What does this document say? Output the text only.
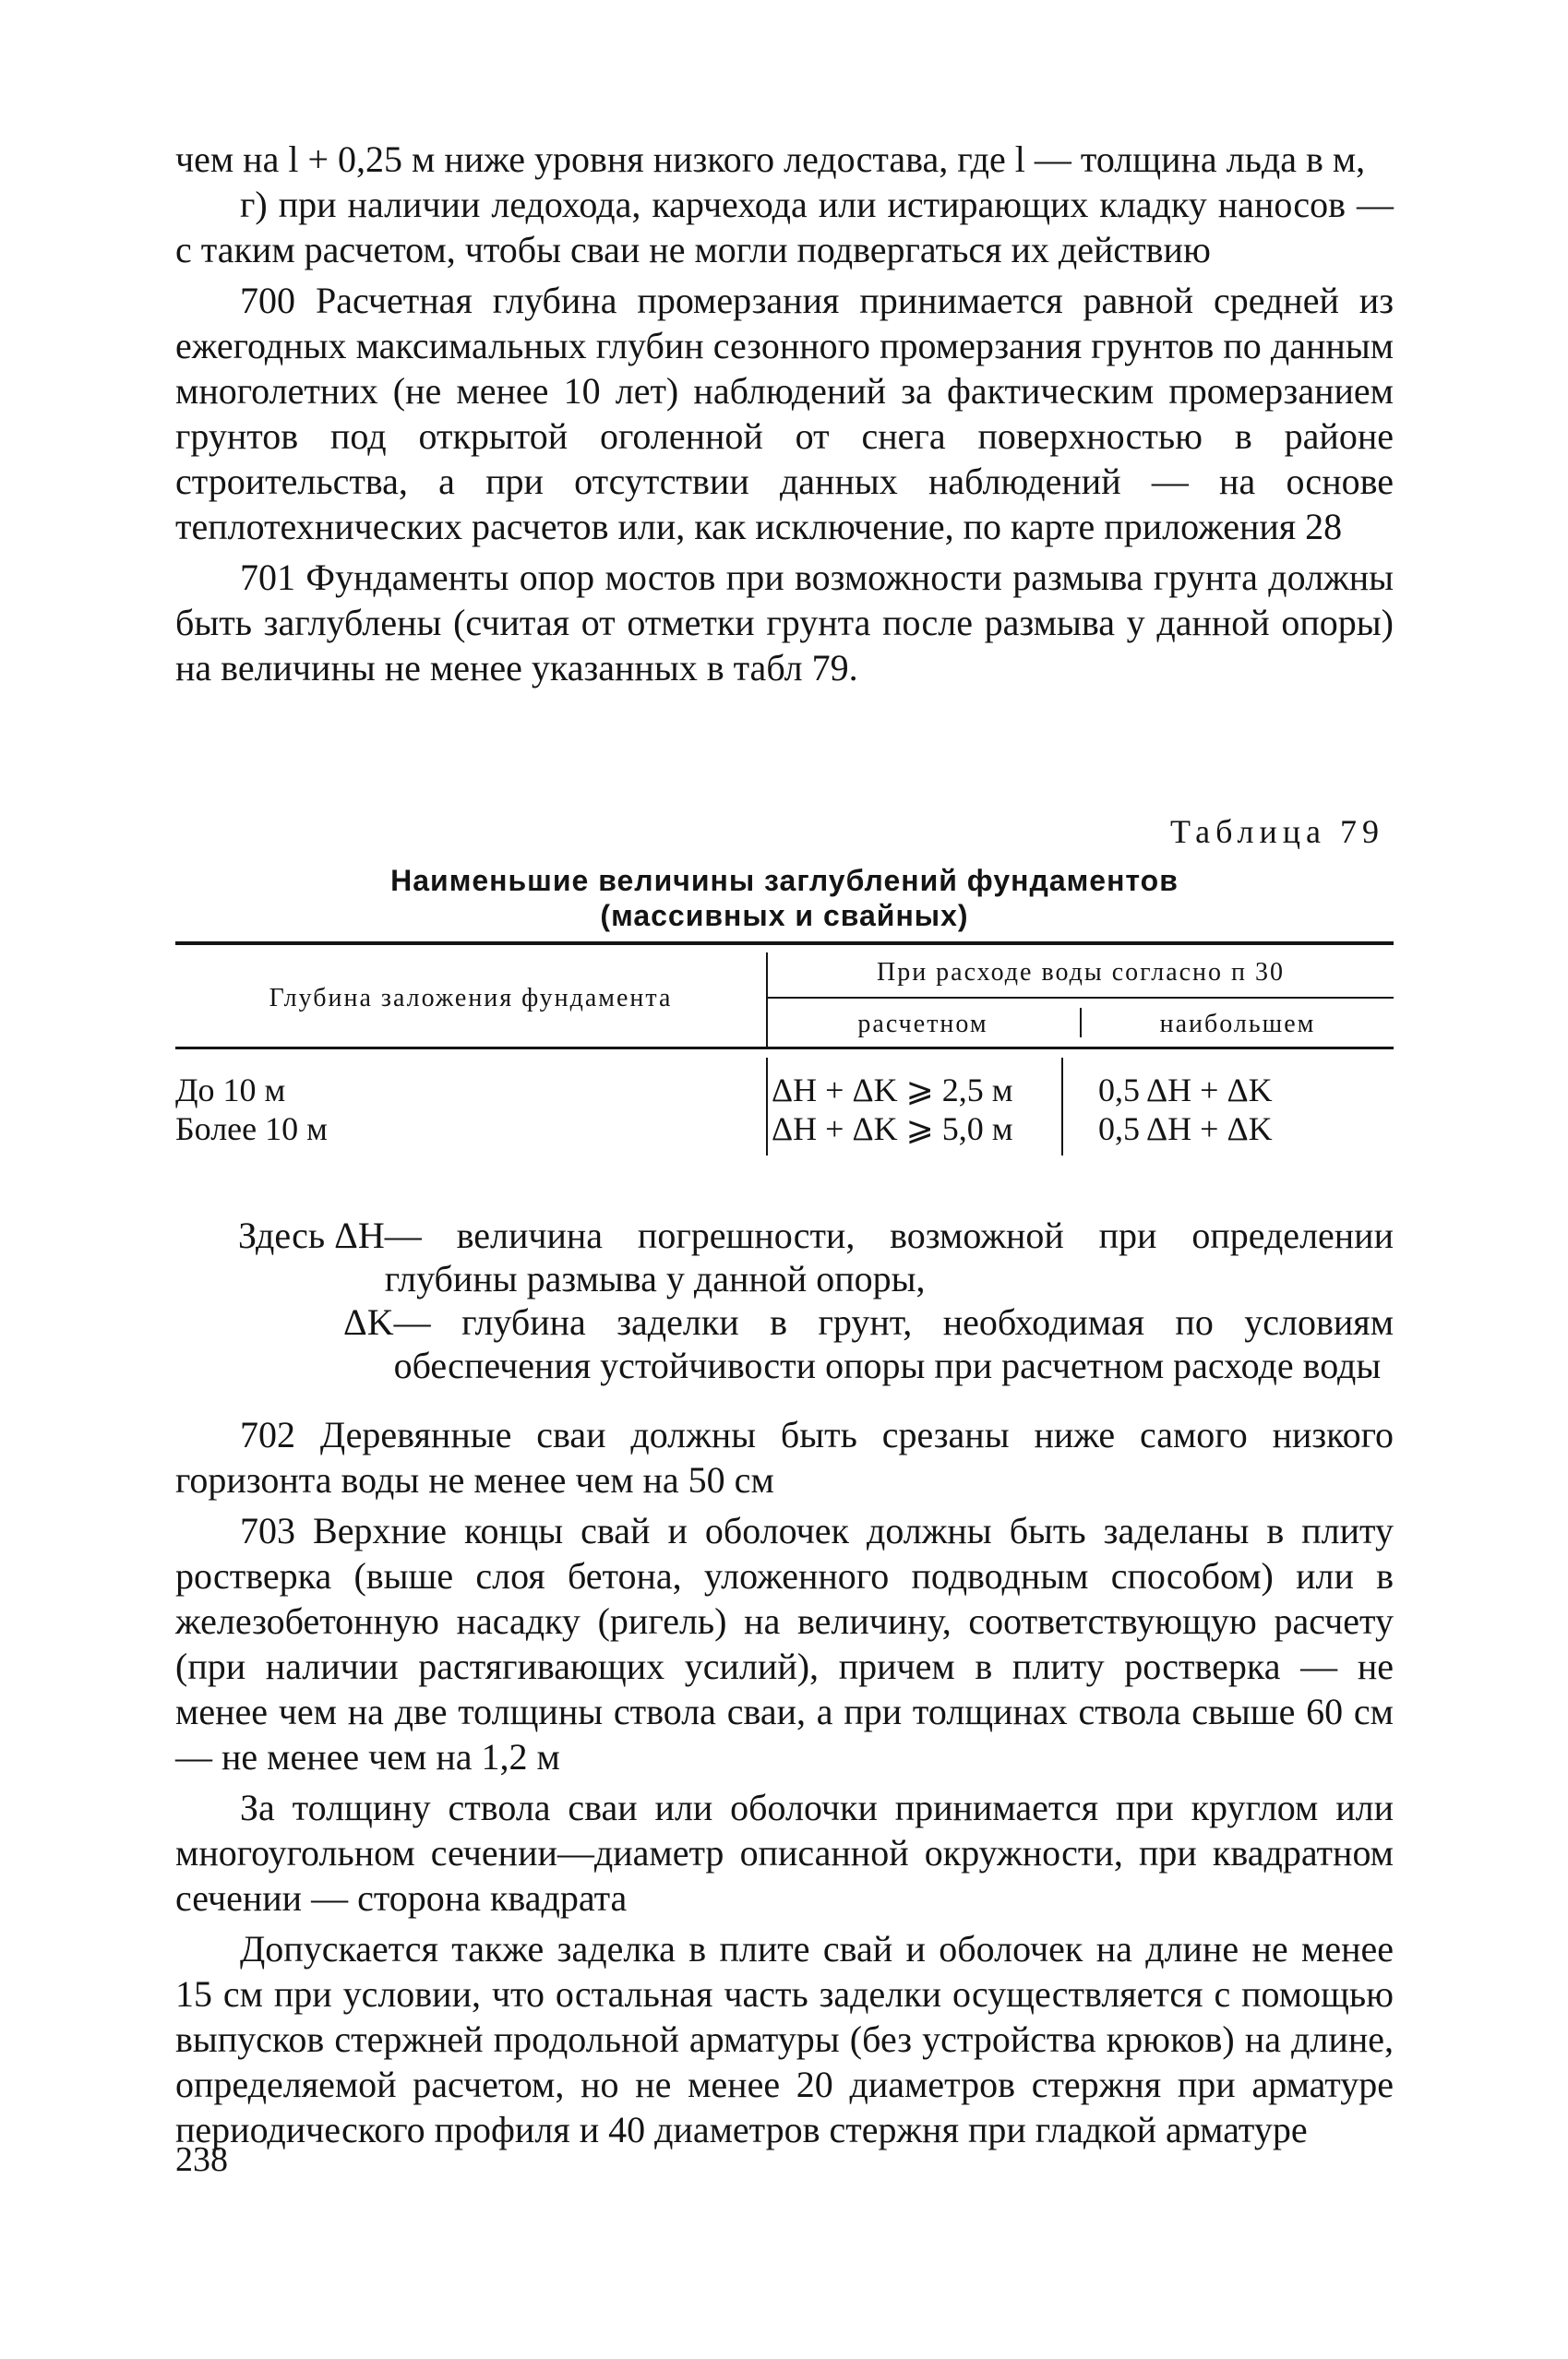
чем на l + 0,25 м ниже уровня низкого ледостава, где l — толщина льда в м,

г) при наличии ледохода, карчехода или истирающих кладку наносов — с таким расчетом, чтобы сваи не могли подвергаться их действию

700 Расчетная глубина промерзания принимается равной средней из ежегодных максимальных глубин сезонного промерзания грунтов по данным многолетних (не менее 10 лет) наблюдений за фактическим промерзанием грунтов под открытой оголенной от снега поверхностью в районе строительства, а при отсутствии данных наблюдений — на основе теплотехнических расчетов или, как исключение, по карте приложения 28

701 Фундаменты опор мостов при возможности размыва грунта должны быть заглублены (считая от отметки грунта после размыва у данной опоры) на величины не менее указанных в табл 79.

Таблица 79
Наименьшие величины заглублений фундаментов
(массивных и свайных)
Глубина заложения фундамента
При расходе воды согласно п 30
расчетном	наибольшем
До 10 м	ΔH + ΔK ⩾ 2,5 м	0,5 ΔH + ΔK
Более 10 м	ΔH + ΔK ⩾ 5,0 м	0,5 ΔH + ΔK
Здесь
ΔH — величина погрешности, возможной при определении глубины размыва у данной опоры,
ΔK — глубина заделки в грунт, необходимая по условиям обеспечения устойчивости опоры при расчетном расходе воды

702 Деревянные сваи должны быть срезаны ниже самого низкого горизонта воды не менее чем на 50 см

703 Верхние концы свай и оболочек должны быть заделаны в плиту ростверка (выше слоя бетона, уложенного подводным способом) или в железобетонную насадку (ригель) на величину, соответствующую расчету (при наличии растягивающих усилий), причем в плиту ростверка — не менее чем на две толщины ствола сваи, а при толщинах ствола свыше 60 см — не менее чем на 1,2 м

За толщину ствола сваи или оболочки принимается при круглом или многоугольном сечении—диаметр описанной окружности, при квадратном сечении — сторона квадрата

Допускается также заделка в плите свай и оболочек на длине не менее 15 см при условии, что остальная часть заделки осуществляется с помощью выпусков стержней продольной арматуры (без устройства крюков) на длине, определяемой расчетом, но не менее 20 диаметров стержня при арматуре периодического профиля и 40 диаметров стержня при гладкой арматуре

238
